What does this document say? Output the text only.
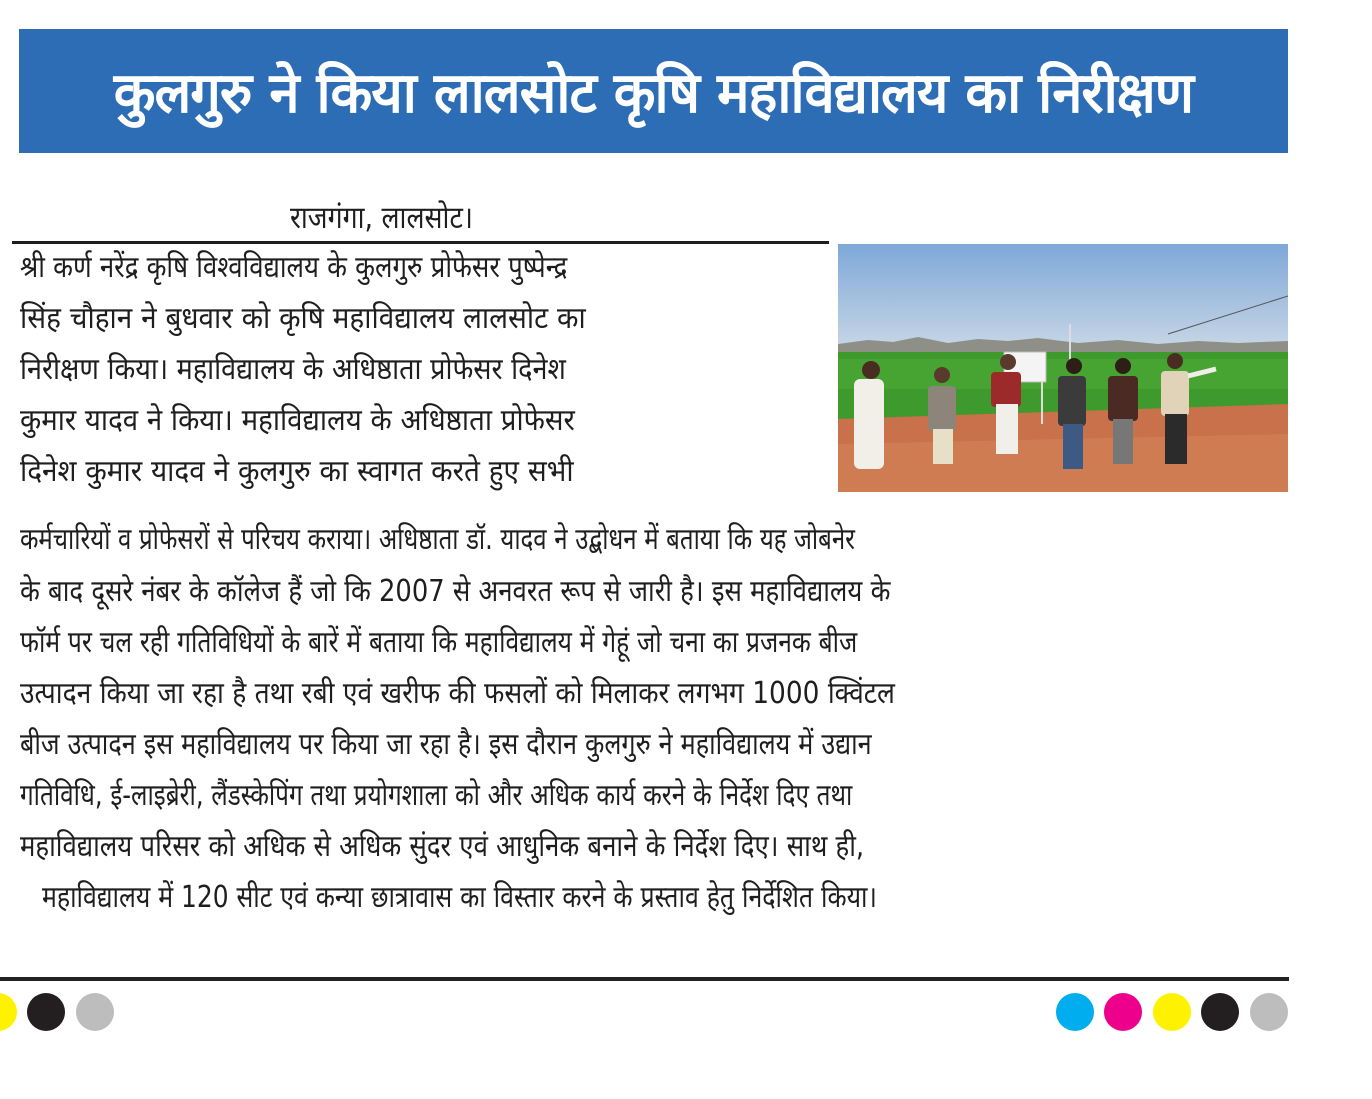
कुलगुरु ने किया लालसोट कृषि महाविद्यालय का निरीक्षण
राजगंगा, लालसोट।
श्री कर्ण नरेंद्र कृषि विश्वविद्यालय के कुलगुरु प्रोफेसर पुष्पेन्द्र
सिंह चौहान ने बुधवार को कृषि महाविद्यालय लालसोट का
निरीक्षण किया। महाविद्यालय के अधिष्ठाता प्रोफेसर दिनेश
कुमार यादव ने किया। महाविद्यालय के अधिष्ठाता प्रोफेसर
दिनेश कुमार यादव ने कुलगुरु का स्वागत करते हुए सभी
कर्मचारियों व प्रोफेसरों से परिचय कराया। अधिष्ठाता डॉ. यादव ने उद्बोधन में बताया कि यह जोबनेर
के बाद दूसरे नंबर के कॉलेज हैं जो कि 2007 से अनवरत रूप से जारी है। इस महाविद्यालय के
फॉर्म पर चल रही गतिविधियों के बारें में बताया कि महाविद्यालय में गेहूं जो चना का प्रजनक बीज
उत्पादन किया जा रहा है तथा रबी एवं खरीफ की फसलों को मिलाकर लगभग 1000 क्विंटल
बीज उत्पादन इस महाविद्यालय पर किया जा रहा है। इस दौरान कुलगुरु ने महाविद्यालय में उद्यान
गतिविधि, ई-लाइब्रेरी, लैंडस्केपिंग तथा प्रयोगशाला को और अधिक कार्य करने के निर्देश दिए तथा
महाविद्यालय परिसर को अधिक से अधिक सुंदर एवं आधुनिक बनाने के निर्देश दिए। साथ ही,
महाविद्यालय में 120 सीट एवं कन्या छात्रावास का विस्तार करने के प्रस्ताव हेतु निर्देशित किया।
